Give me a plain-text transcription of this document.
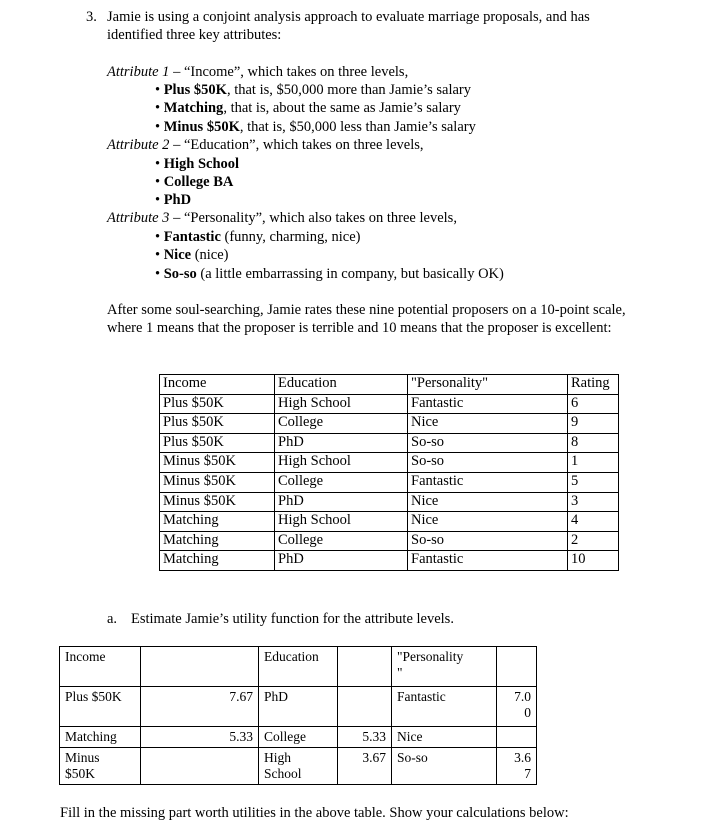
3. Jamie is using a conjoint analysis approach to evaluate marriage proposals, and has
identified three key attributes:
Attribute 1 – “Income”, which takes on three levels,
• Plus $50K, that is, $50,000 more than Jamie’s salary
• Matching, that is, about the same as Jamie’s salary
• Minus $50K, that is, $50,000 less than Jamie’s salary
Attribute 2 – “Education”, which takes on three levels,
• High School
• College BA
• PhD
Attribute 3 – “Personality”, which also takes on three levels,
• Fantastic (funny, charming, nice)
• Nice (nice)
• So-so (a little embarrassing in company, but basically OK)
After some soul-searching, Jamie rates these nine potential proposers on a 10-point scale,
where 1 means that the proposer is terrible and 10 means that the proposer is excellent:
Income	Education	"Personality"	Rating
Plus $50K	High School	Fantastic	6
Plus $50K	College	Nice	9
Plus $50K	PhD	So-so	8
Minus $50K	High School	So-so	1
Minus $50K	College	Fantastic	5
Minus $50K	PhD	Nice	3
Matching	High School	Nice	4
Matching	College	So-so	2
Matching	PhD	Fantastic	10
a. Estimate Jamie’s utility function for the attribute levels.
Income		Education		"Personality
"	
Plus $50K	7.67	PhD		Fantastic	7.0
0
Matching	5.33	College	5.33	Nice	
Minus
$50K		High
School	3.67	So-so	3.6
7
Fill in the missing part worth utilities in the above table. Show your calculations below:
